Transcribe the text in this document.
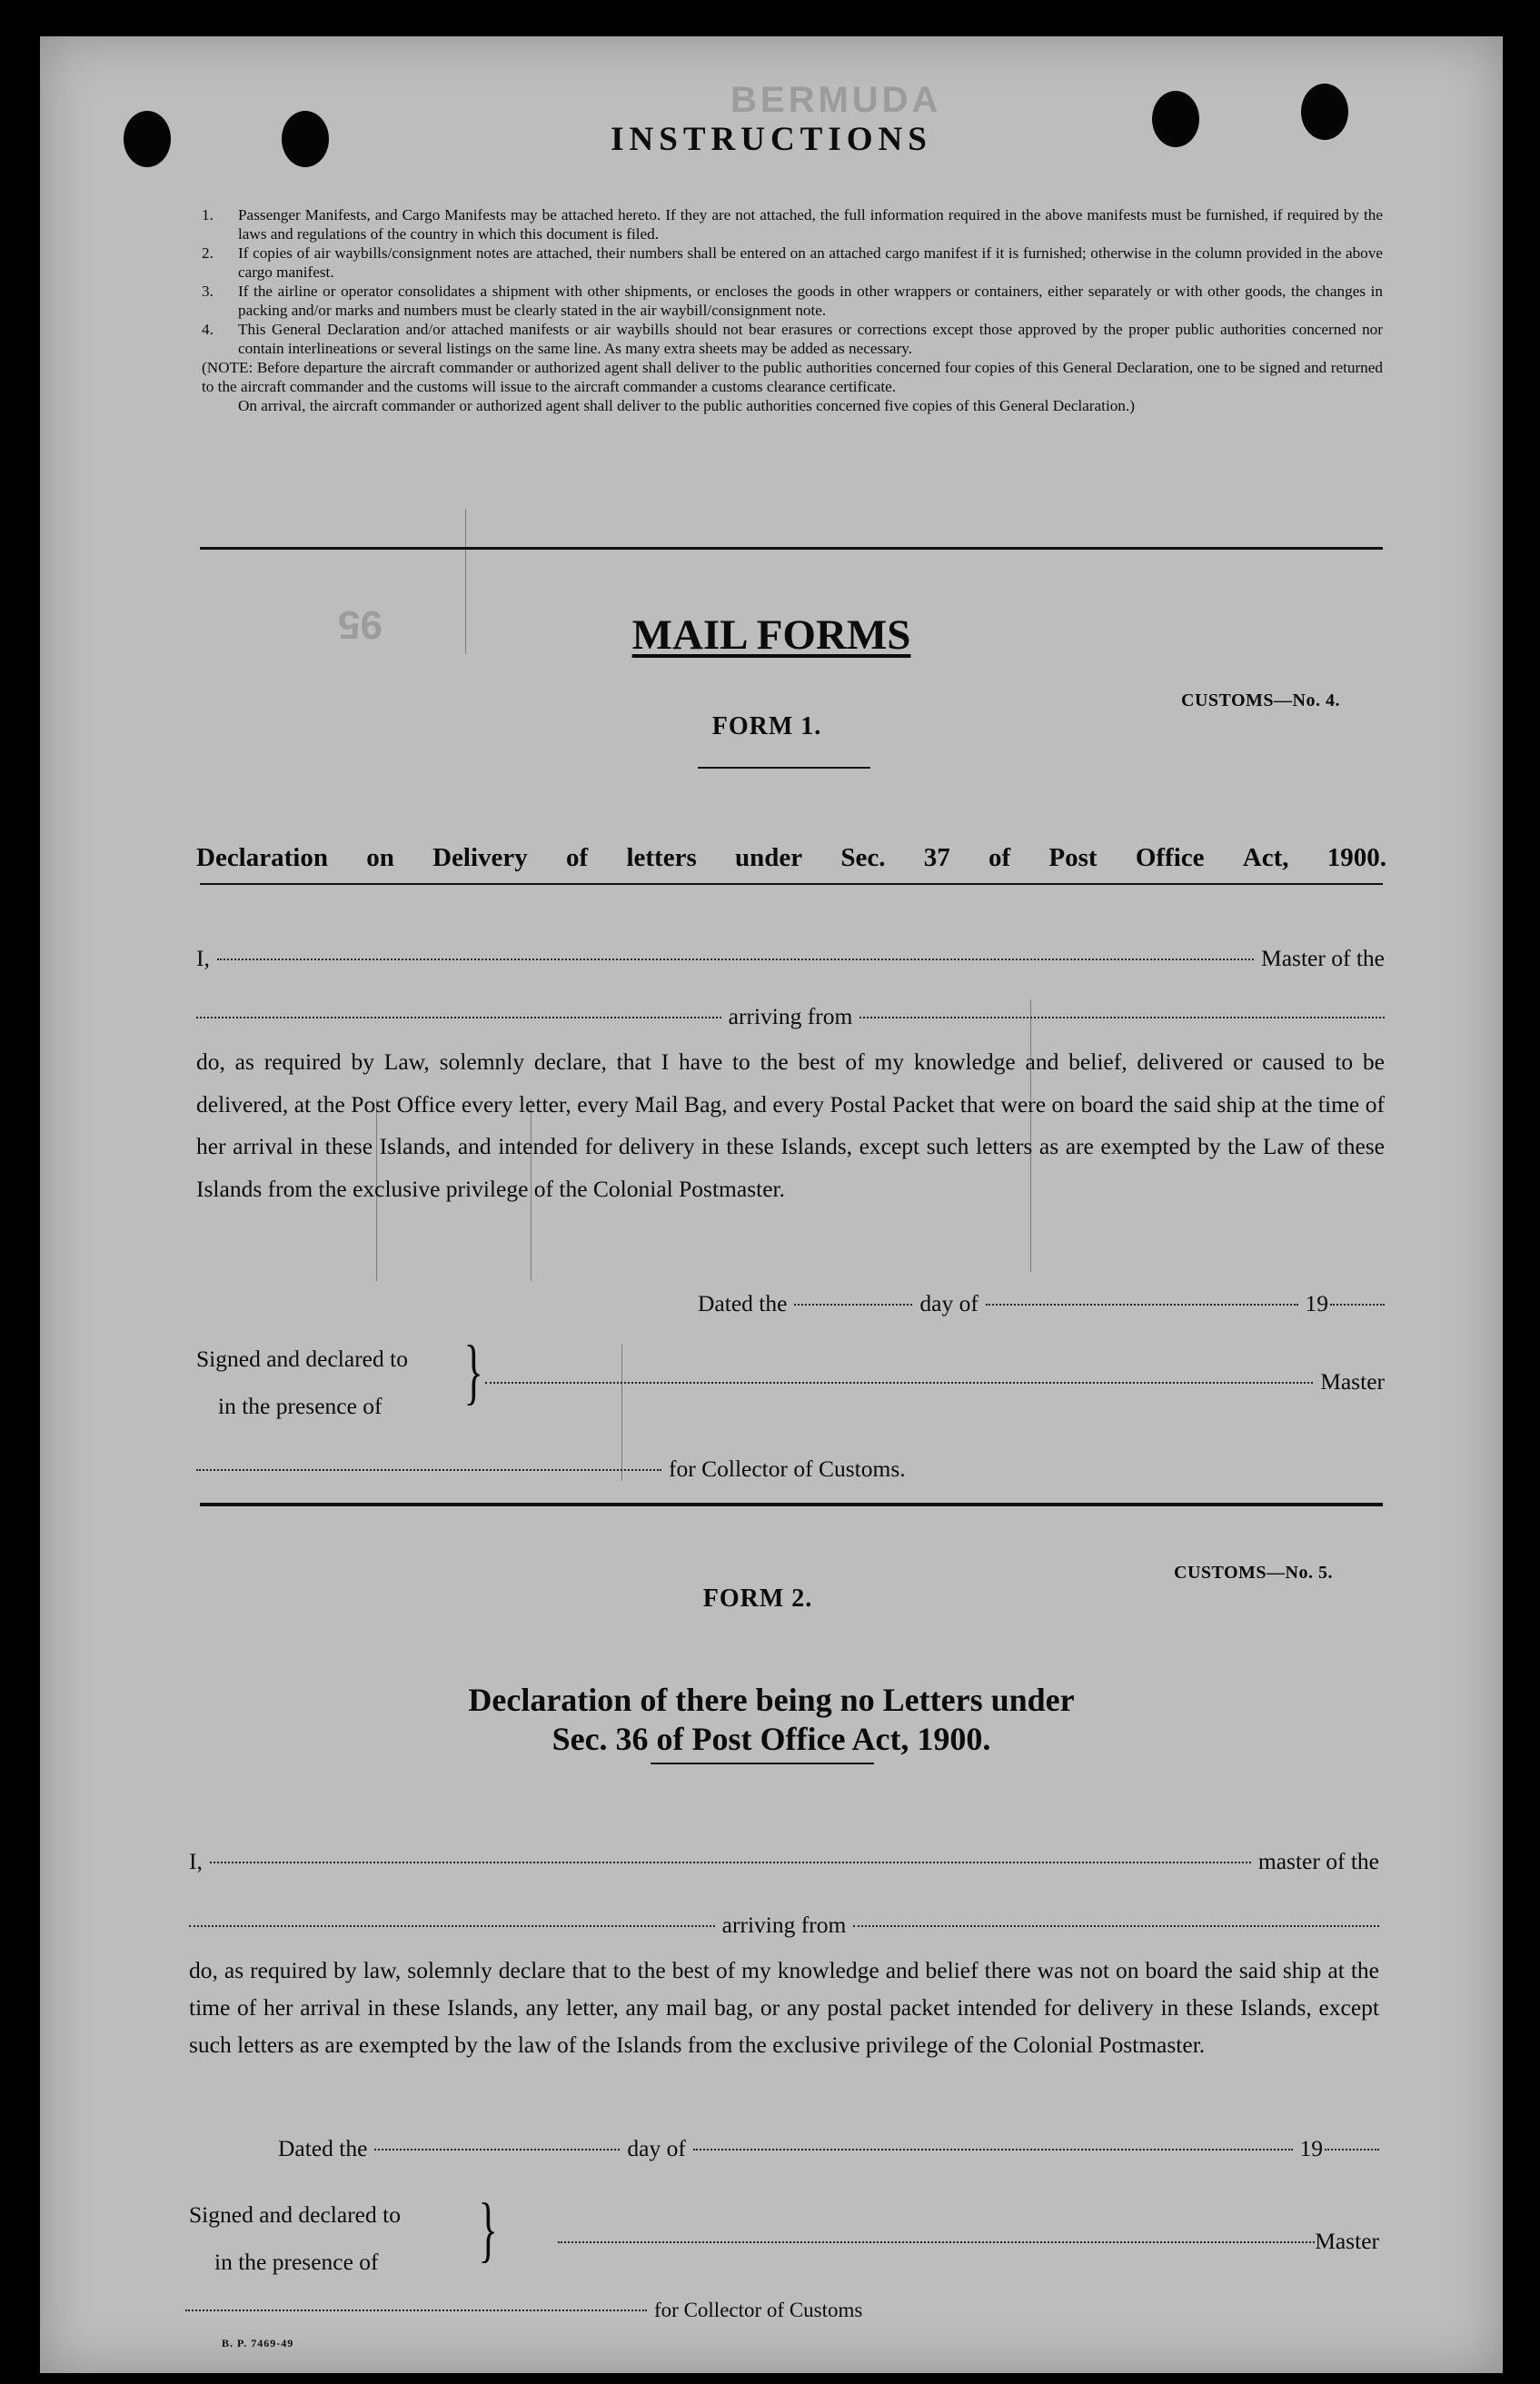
BERMUDA
95
INSTRUCTIONS
1. Passenger Manifests, and Cargo Manifests may be attached hereto. If they are not attached, the full information required in the above manifests must be furnished, if required by the laws and regulations of the country in which this document is filed.
2. If copies of air waybills/consignment notes are attached, their numbers shall be entered on an attached cargo manifest if it is furnished; otherwise in the column provided in the above cargo manifest.
3. If the airline or operator consolidates a shipment with other shipments, or encloses the goods in other wrappers or containers, either separately or with other goods, the changes in packing and/or marks and numbers must be clearly stated in the air waybill/consignment note.
4. This General Declaration and/or attached manifests or air waybills should not bear erasures or corrections except those approved by the proper public authorities concerned nor contain interlineations or several listings on the same line. As many extra sheets may be added as necessary.
(NOTE: Before departure the aircraft commander or authorized agent shall deliver to the public authorities concerned four copies of this General Declaration, one to be signed and returned to the aircraft commander and the customs will issue to the aircraft commander a customs clearance certificate.
On arrival, the aircraft commander or authorized agent shall deliver to the public authorities concerned five copies of this General Declaration.)
MAIL FORMS
CUSTOMS—No. 4.
FORM 1.
Declaration on Delivery of letters under Sec. 37 of Post Office Act, 1900.
I,	Master of the
arriving from
do, as required by Law, solemnly declare, that I have to the best of my knowledge and belief, delivered or caused to be delivered, at the Post Office every letter, every Mail Bag, and every Postal Packet that were on board the said ship at the time of her arrival in these Islands, and intended for delivery in these Islands, except such letters as are exempted by the Law of these Islands from the exclusive privilege of the Colonial Postmaster.
Dated the	day of	19
Signed and declared to
in the presence of	}	Master
for Collector of Customs.
CUSTOMS—No. 5.
FORM 2.
Declaration of there being no Letters under
Sec. 36 of Post Office Act, 1900.
I,	master of the
arriving from
do, as required by law, solemnly declare that to the best of my knowledge and belief there was not on board the said ship at the time of her arrival in these Islands, any letter, any mail bag, or any postal packet intended for delivery in these Islands, except such letters as are exempted by the law of the Islands from the exclusive privilege of the Colonial Postmaster.
Dated the	day of	19
Signed and declared to
in the presence of	}	Master
for Collector of Customs
B. P. 7469-49
